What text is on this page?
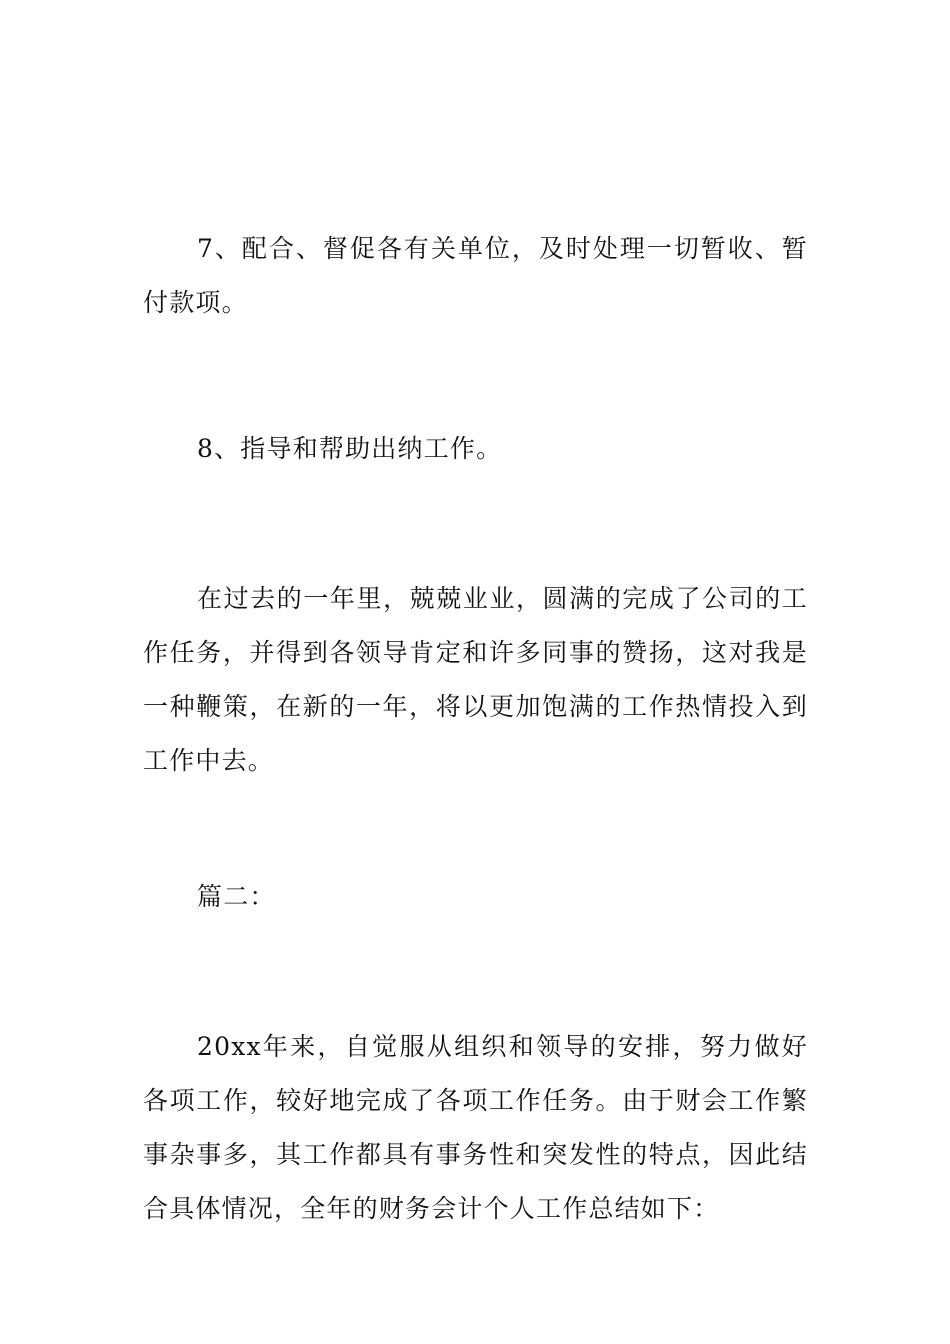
7、配合、督促各有关单位，及时处理一切暂收、暂付款项。

8、指导和帮助出纳工作。

在过去的一年里，兢兢业业，圆满的完成了公司的工作任务，并得到各领导肯定和许多同事的赞扬，这对我是一种鞭策，在新的一年，将以更加饱满的工作热情投入到工作中去。

篇二：

20xx年来，自觉服从组织和领导的安排，努力做好各项工作，较好地完成了各项工作任务。由于财会工作繁事杂事多，其工作都具有事务性和突发性的特点，因此结合具体情况，全年的财务会计个人工作总结如下：
